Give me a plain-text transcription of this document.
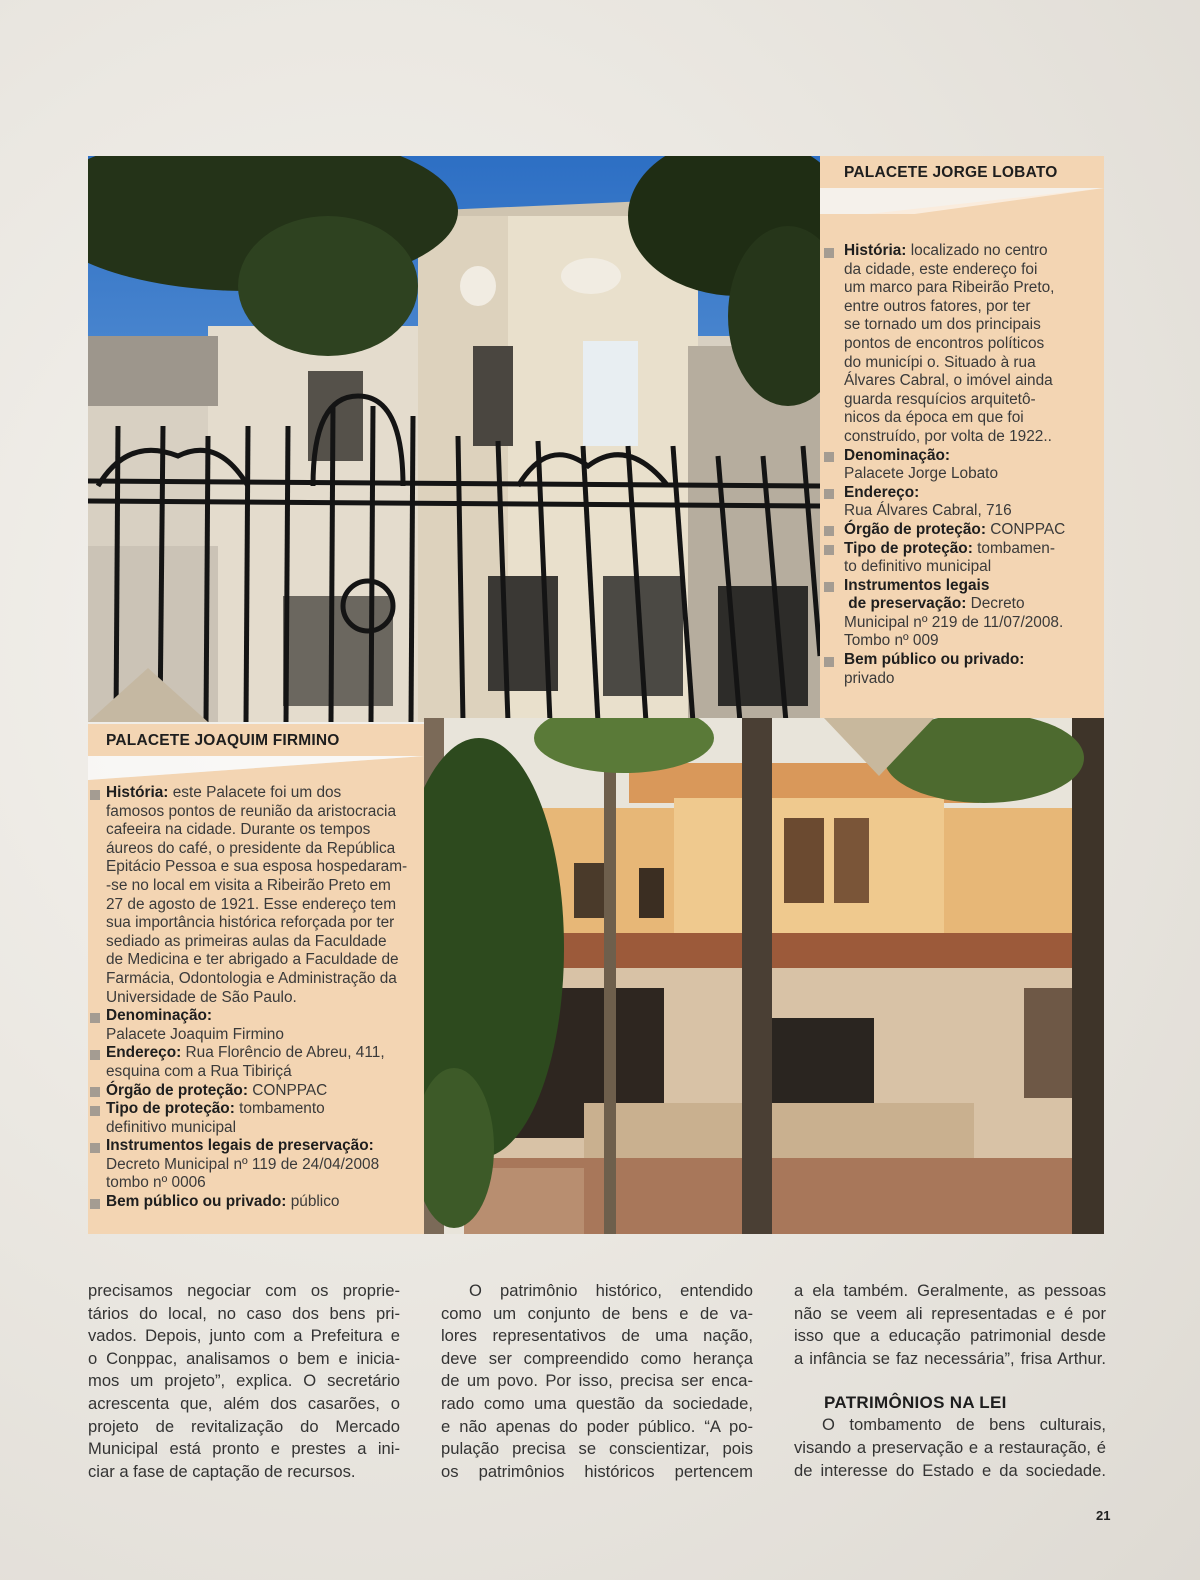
PALACETE JORGE LOBATO
História: localizado no centro
da cidade, este endereço foi
um marco para Ribeirão Preto,
entre outros fatores, por ter
se tornado um dos principais
pontos de encontros políticos
do municípi o. Situado à rua
Álvares Cabral, o imóvel ainda
guarda resquícios arquitetô-
nicos da época em que foi
construído, por volta de 1922..
Denominação:
Palacete Jorge Lobato
Endereço:
Rua Álvares Cabral, 716
Órgão de proteção: CONPPAC
Tipo de proteção: tombamen-
to definitivo municipal
Instrumentos legais
de preservação: Decreto
Municipal nº 219 de 11/07/2008.
Tombo nº 009
Bem público ou privado:
privado
PALACETE JOAQUIM FIRMINO
História: este Palacete foi um dos
famosos pontos de reunião da aristocracia
cafeeira na cidade. Durante os tempos
áureos do café, o presidente da República
Epitácio Pessoa e sua esposa hospedaram-
-se no local em visita a Ribeirão Preto em
27 de agosto de 1921. Esse endereço tem
sua importância histórica reforçada por ter
sediado as primeiras aulas da Faculdade
de Medicina e ter abrigado a Faculdade de
Farmácia, Odontologia e Administração da
Universidade de São Paulo.
Denominação:
Palacete Joaquim Firmino
Endereço: Rua Florêncio de Abreu, 411,
esquina com a Rua Tibiriçá
Órgão de proteção: CONPPAC
Tipo de proteção: tombamento
definitivo municipal
Instrumentos legais de preservação:
Decreto Municipal nº 119 de 24/04/2008
tombo nº 0006
Bem público ou privado: público
precisamos negociar com os proprie-
tários do local, no caso dos bens pri-
vados. Depois, junto com a Prefeitura e
o Conppac, analisamos o bem e inicia-
mos um projeto”, explica. O secretário
acrescenta que, além dos casarões, o
projeto de revitalização do Mercado
Municipal está pronto e prestes a ini-
ciar a fase de captação de recursos.
O patrimônio histórico, entendido
como um conjunto de bens e de va-
lores representativos de uma nação,
deve ser compreendido como herança
de um povo. Por isso, precisa ser enca-
rado como uma questão da sociedade,
e não apenas do poder público. “A po-
pulação precisa se conscientizar, pois
os patrimônios históricos pertencem
a ela também. Geralmente, as pessoas
não se veem ali representadas e é por
isso que a educação patrimonial desde
a infância se faz necessária”, frisa Arthur.
PATRIMÔNIOS NA LEI
O tombamento de bens culturais,
visando a preservação e a restauração, é
de interesse do Estado e da sociedade.
21
